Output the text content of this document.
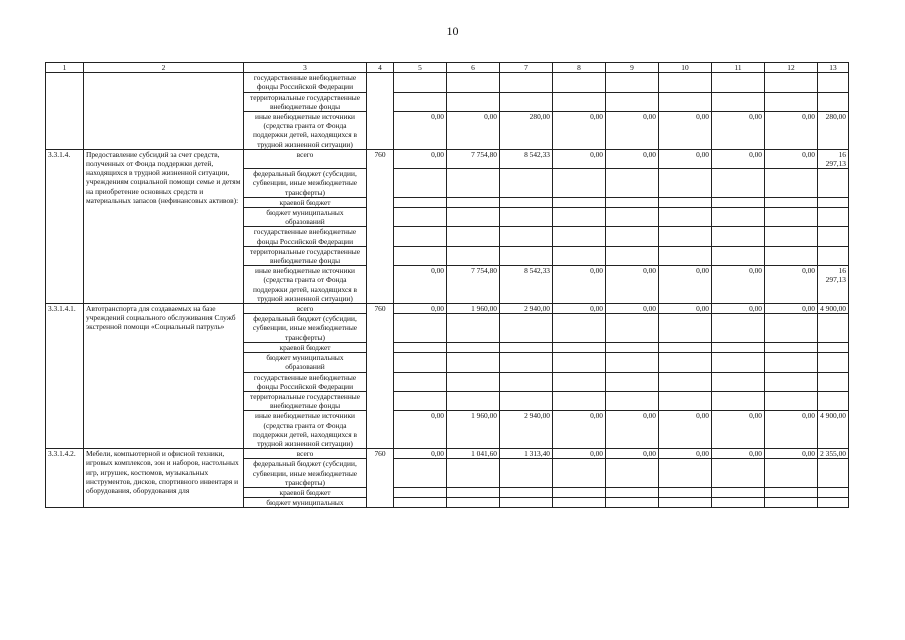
10
1	2	3	4	5	6	7	8	9	10	11	12	13
		государственные внебюджетные фонды Российской Федерации										
		территориальные государственные внебюджетные фонды										
		иные внебюджетные источники (средства гранта от Фонда поддержки детей, находящихся в трудной жизненной ситуации)		0,00	0,00	280,00	0,00	0,00	0,00	0,00	0,00	280,00
3.3.1.4.	Предоставление субсидий за счет средств, полученных от Фонда поддержки детей, находящихся в трудной жизненной ситуации, учреждениям социальной помощи семье и детям на приобретение основных средств и материальных запасов (нефинансовых активов):	всего	760	0,00	7 754,80	8 542,33	0,00	0,00	0,00	0,00	0,00	16 297,13
		федеральный бюджет (субсидии, субвенции, иные межбюджетные трансферты)										
		краевой бюджет										
		бюджет муниципальных образований										
		государственные внебюджетные фонды Российской Федерации										
		территориальные государственные внебюджетные фонды										
		иные внебюджетные источники (средства гранта от Фонда поддержки детей, находящихся в трудной жизненной ситуации)		0,00	7 754,80	8 542,33	0,00	0,00	0,00	0,00	0,00	16 297,13
3.3.1.4.1.	Автотранспорта для создаваемых на базе учреждений социального обслуживания Служб экстренной помощи «Социальный патруль»	всего	760	0,00	1 960,00	2 940,00	0,00	0,00	0,00	0,00	0,00	4 900,00
		федеральный бюджет (субсидии, субвенции, иные межбюджетные трансферты)										
		краевой бюджет										
		бюджет муниципальных образований										
		государственные внебюджетные фонды Российской Федерации										
		территориальные государственные внебюджетные фонды										
		иные внебюджетные источники (средства гранта от Фонда поддержки детей, находящихся в трудной жизненной ситуации)		0,00	1 960,00	2 940,00	0,00	0,00	0,00	0,00	0,00	4 900,00
3.3.1.4.2.	Мебели, компьютерной и офисной техники, игровых комплексов, зон и наборов, настольных игр, игрушек, костюмов, музыкальных инструментов, дисков, спортивного инвентаря и оборудования, оборудования для	всего	760	0,00	1 041,60	1 313,40	0,00	0,00	0,00	0,00	0,00	2 355,00
		федеральный бюджет (субсидии, субвенции, иные межбюджетные трансферты)										
		краевой бюджет										
		бюджет муниципальных										
